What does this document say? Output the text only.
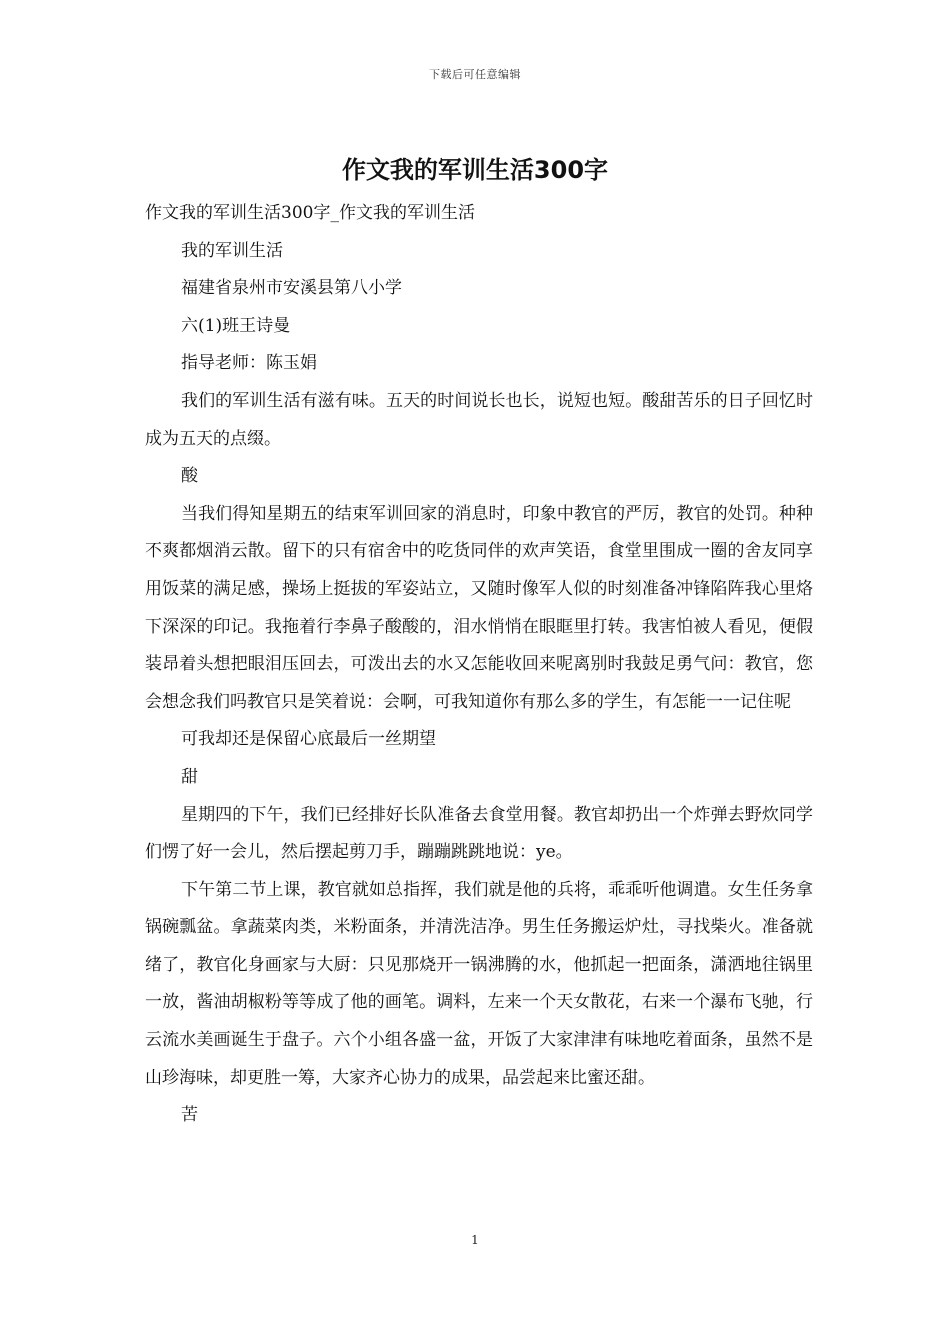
下载后可任意编辑
作文我的军训生活300字

作文我的军训生活300字_作文我的军训生活

我的军训生活

福建省泉州市安溪县第八小学

六(1)班王诗曼

指导老师：陈玉娟

我们的军训生活有滋有味。五天的时间说长也长，说短也短。酸甜苦乐的日子回忆时成为五天的点缀。

酸

当我们得知星期五的结束军训回家的消息时，印象中教官的严厉，教官的处罚。种种不爽都烟消云散。留下的只有宿舍中的吃货同伴的欢声笑语，食堂里围成一圈的舍友同享用饭菜的满足感，操场上挺拔的军姿站立，又随时像军人似的时刻准备冲锋陷阵我心里烙下深深的印记。我拖着行李鼻子酸酸的，泪水悄悄在眼眶里打转。我害怕被人看见，便假装昂着头想把眼泪压回去，可泼出去的水又怎能收回来呢离别时我鼓足勇气问：教官，您会想念我们吗教官只是笑着说：会啊，可我知道你有那么多的学生，有怎能一一记住呢

可我却还是保留心底最后一丝期望

甜

星期四的下午，我们已经排好长队准备去食堂用餐。教官却扔出一个炸弹去野炊同学们愣了好一会儿，然后摆起剪刀手，蹦蹦跳跳地说：ye。

下午第二节上课，教官就如总指挥，我们就是他的兵将，乖乖听他调遣。女生任务拿锅碗瓢盆。拿蔬菜肉类，米粉面条，并清洗洁净。男生任务搬运炉灶，寻找柴火。准备就绪了，教官化身画家与大厨：只见那烧开一锅沸腾的水，他抓起一把面条，潇洒地往锅里一放，酱油胡椒粉等等成了他的画笔。调料，左来一个天女散花，右来一个瀑布飞驰，行云流水美画诞生于盘子。六个小组各盛一盆，开饭了大家津津有味地吃着面条，虽然不是山珍海味，却更胜一筹，大家齐心协力的成果，品尝起来比蜜还甜。

苦

1
